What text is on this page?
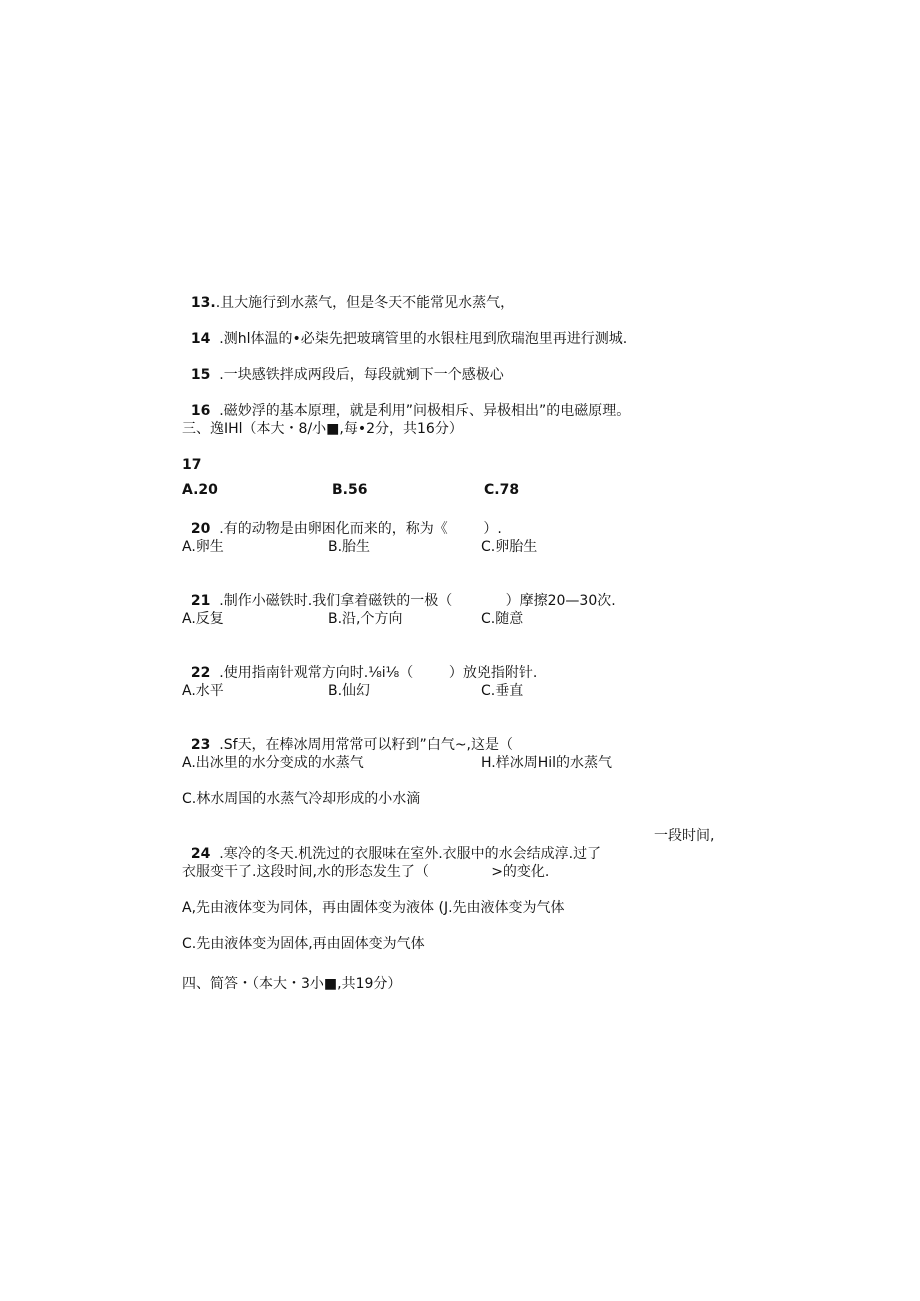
13..且大施行到水蒸气，但是冬天不能常见水蒸气，

14 .测hl体温的•必柒先把玻璃管里的水银柱甩到欣瑞泡里再进行测城.

15 .一块感铁拌成两段后，每段就剜下一个感极心

16 .磁妙浮的基本原理，就是利用”问极相斥、异极相出”的电磁原理。

三、逸IHl（本大・8/小■,每•2分，共16分）
17
A.20	B.56	C.78

20 .有的动物是由卵困化而来的，称为《        ）.

A.卵生	B.胎生	C.卵胎生

21 .制作小磁铁时.我们拿着磁铁的一极（            ）摩擦20—30次.

A.反复	B.沿,个方向	C.随意

22 .使用指南针观常方向时.⅛i⅛（        ）放兇指附针.

A.水平	B.仙幻	C.垂直

23 .Sf天，在棒冰周用常常可以籽到”白气~,这是（

A.出冰里的水分变成的水蒸气	H.样冰周Hil的水蒸气
C.林水周国的水蒸气冷却形成的小水滴

24 .寒冷的冬天.机洗过的衣服味在室外.衣服中的水会结成淳.过了

一段时间,
衣服变干了.这段时间,水的形态发生了（              >的变化.
A,先由液体变为同体，再由圊体变为液体 (J.先由液体变为气体
C.先由液体变为固体,再由固体变为气体
四、简答・（本大・3小■,共19分）
